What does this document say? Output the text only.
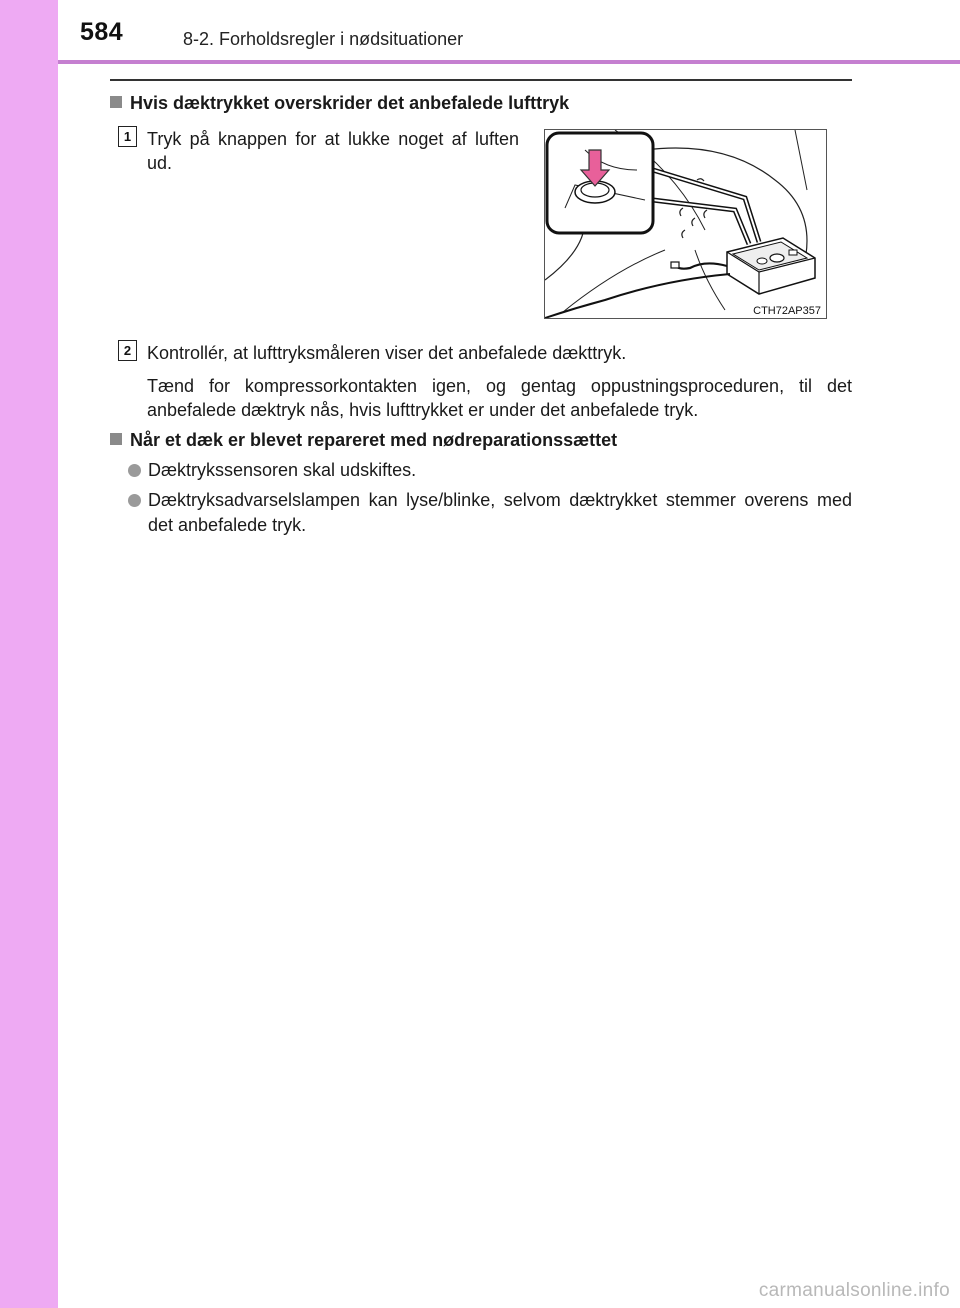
584	8-2. Forholdsregler i nødsituationer
Hvis dæktrykket overskrider det anbefalede lufttryk
1 Tryk på knappen for at lukke noget af luften ud.
CTH72AP357
2 Kontrollér, at lufttryksmåleren viser det anbefalede dækttryk.
Tænd for kompressorkontakten igen, og gentag oppustningsproceduren, til det anbefalede dæktryk nås, hvis lufttrykket er under det anbefalede tryk.
Når et dæk er blevet repareret med nødreparationssættet
Dæktrykssensoren skal udskiftes.
Dæktryksadvarselslampen kan lyse/blinke, selvom dæktrykket stemmer overens med det anbefalede tryk.
carmanualsonline.info
